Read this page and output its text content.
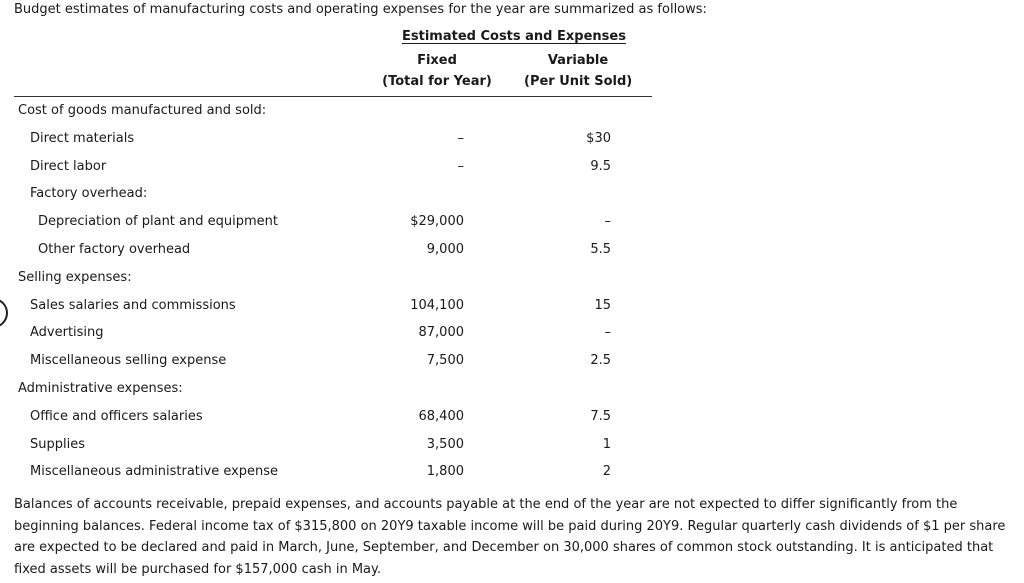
Budget estimates of manufacturing costs and operating expenses for the year are summarized as follows:
Estimated Costs and Expenses
Fixed
(Total for Year)
Variable
(Per Unit Sold)
Cost of goods manufactured and sold:
Direct materials	–	$30
Direct labor	–	9.5
Factory overhead:
Depreciation of plant and equipment	$29,000	–
Other factory overhead	9,000	5.5
Selling expenses:
Sales salaries and commissions	104,100	15
Advertising	87,000	–
Miscellaneous selling expense	7,500	2.5
Administrative expenses:
Office and officers salaries	68,400	7.5
Supplies	3,500	1
Miscellaneous administrative expense	1,800	2

Balances of accounts receivable, prepaid expenses, and accounts payable at the end of the year are not expected to differ significantly from the beginning balances. Federal income tax of $315,800 on 20Y9 taxable income will be paid during 20Y9. Regular quarterly cash dividends of $1 per share are expected to be declared and paid in March, June, September, and December on 30,000 shares of common stock outstanding. It is anticipated that fixed assets will be purchased for $157,000 cash in May.
